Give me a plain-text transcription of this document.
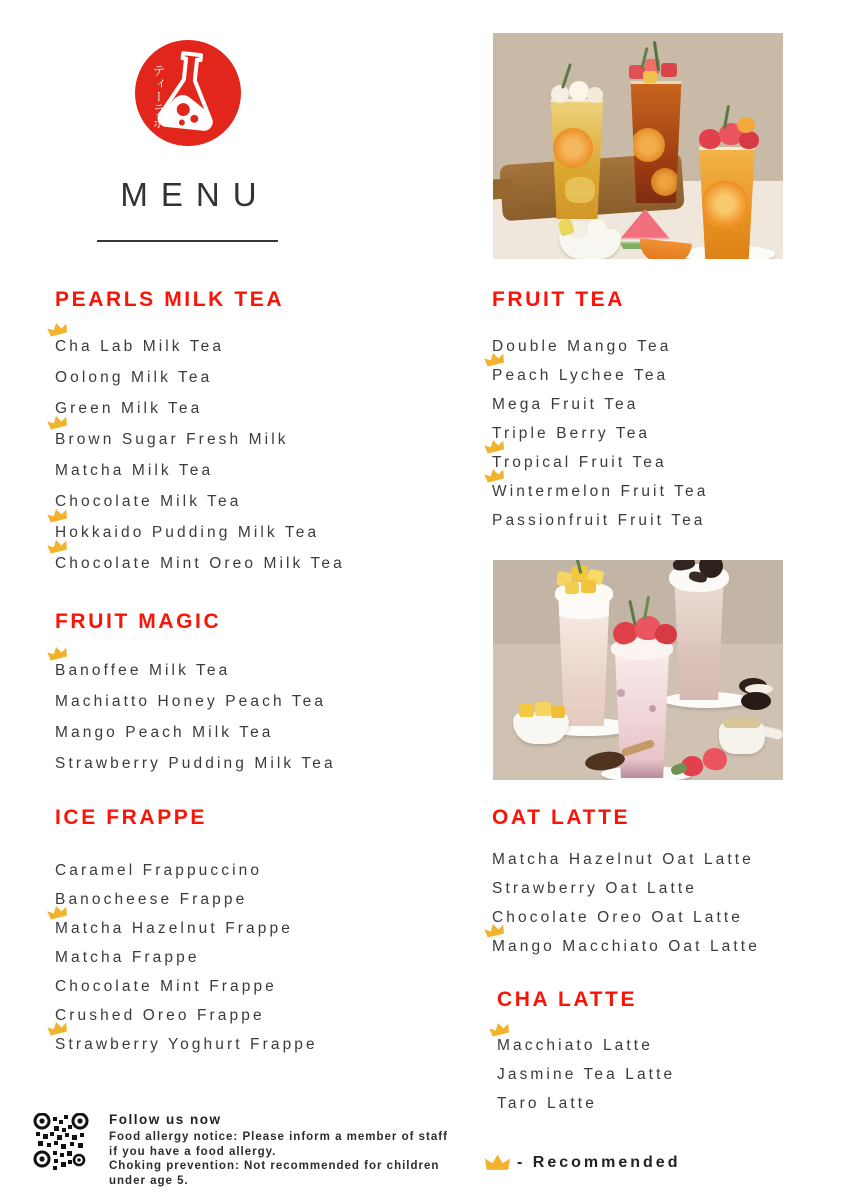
ティーラボ
MENU
PEARLS MILK TEA
Cha Lab Milk Tea
Oolong Milk Tea
Green Milk Tea
Brown Sugar Fresh Milk
Matcha Milk Tea
Chocolate Milk Tea
Hokkaido Pudding Milk Tea
Chocolate Mint Oreo Milk Tea
FRUIT MAGIC
Banoffee Milk Tea
Machiatto Honey Peach Tea
Mango Peach Milk Tea
Strawberry Pudding Milk Tea
ICE FRAPPE
Caramel Frappuccino
Banocheese Frappe
Matcha Hazelnut Frappe
Matcha Frappe
Chocolate Mint Frappe
Crushed Oreo Frappe
Strawberry Yoghurt Frappe
FRUIT TEA
Double Mango Tea
Peach Lychee Tea
Mega Fruit Tea
Triple Berry Tea
Tropical Fruit Tea
Wintermelon Fruit Tea
Passionfruit Fruit Tea
OAT LATTE
Matcha Hazelnut Oat Latte
Strawberry Oat Latte
Chocolate Oreo Oat Latte
Mango Macchiato Oat Latte
CHA LATTE
Macchiato Latte
Jasmine Tea Latte
Taro Latte
Follow us now
Food allergy notice: Please inform a member of staff
if you have a food allergy.
Choking prevention: Not recommended for children
under age 5.
- Recommended
